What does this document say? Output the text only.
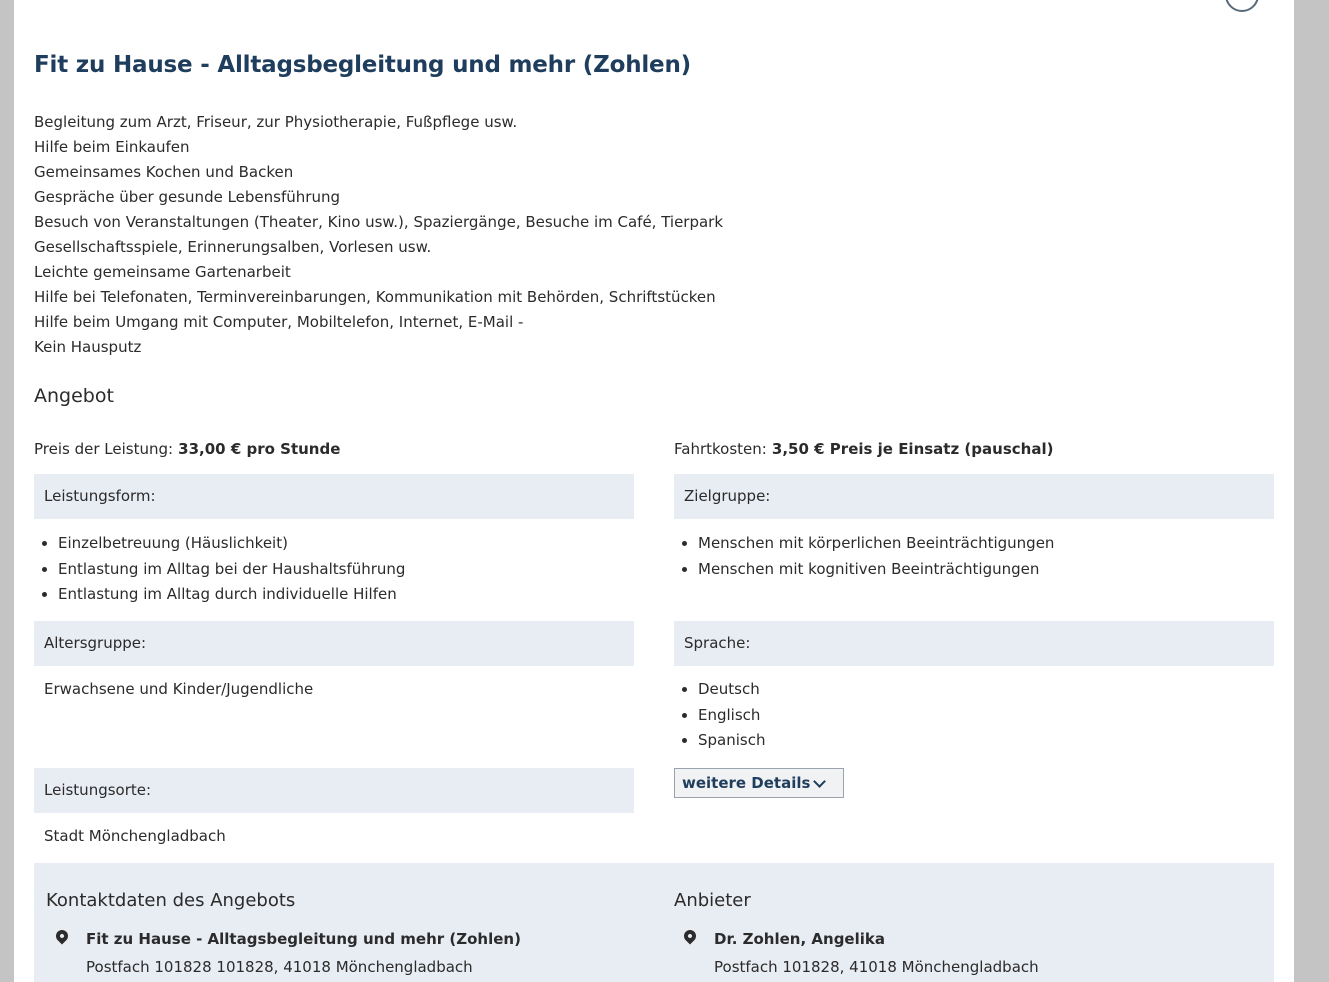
Fit zu Hause - Alltagsbegleitung und mehr (Zohlen)
Begleitung zum Arzt, Friseur, zur Physiotherapie, Fußpflege usw.
Hilfe beim Einkaufen
Gemeinsames Kochen und Backen
Gespräche über gesunde Lebensführung
Besuch von Veranstaltungen (Theater, Kino usw.), Spaziergänge, Besuche im Café, Tierpark
Gesellschaftsspiele, Erinnerungsalben, Vorlesen usw.
Leichte gemeinsame Gartenarbeit
Hilfe bei Telefonaten, Terminvereinbarungen, Kommunikation mit Behörden, Schriftstücken
Hilfe beim Umgang mit Computer, Mobiltelefon, Internet, E-Mail -
Kein Hausputz
Angebot
Preis der Leistung: 33,00 € pro Stunde
Leistungsform:
• Einzelbetreuung (Häuslichkeit)
• Entlastung im Alltag bei der Haushaltsführung
• Entlastung im Alltag durch individuelle Hilfen
Altersgruppe:
Erwachsene und Kinder/Jugendliche
Leistungsorte:
Stadt Mönchengladbach
Fahrtkosten: 3,50 € Preis je Einsatz (pauschal)
Zielgruppe:
• Menschen mit körperlichen Beeinträchtigungen
• Menschen mit kognitiven Beeinträchtigungen
Sprache:
• Deutsch
• Englisch
• Spanisch
weitere Details
Kontaktdaten des Angebots
Fit zu Hause - Alltagsbegleitung und mehr (Zohlen)
Postfach 101828 101828, 41018 Mönchengladbach
Anbieter
Dr. Zohlen, Angelika
Postfach 101828, 41018 Mönchengladbach
